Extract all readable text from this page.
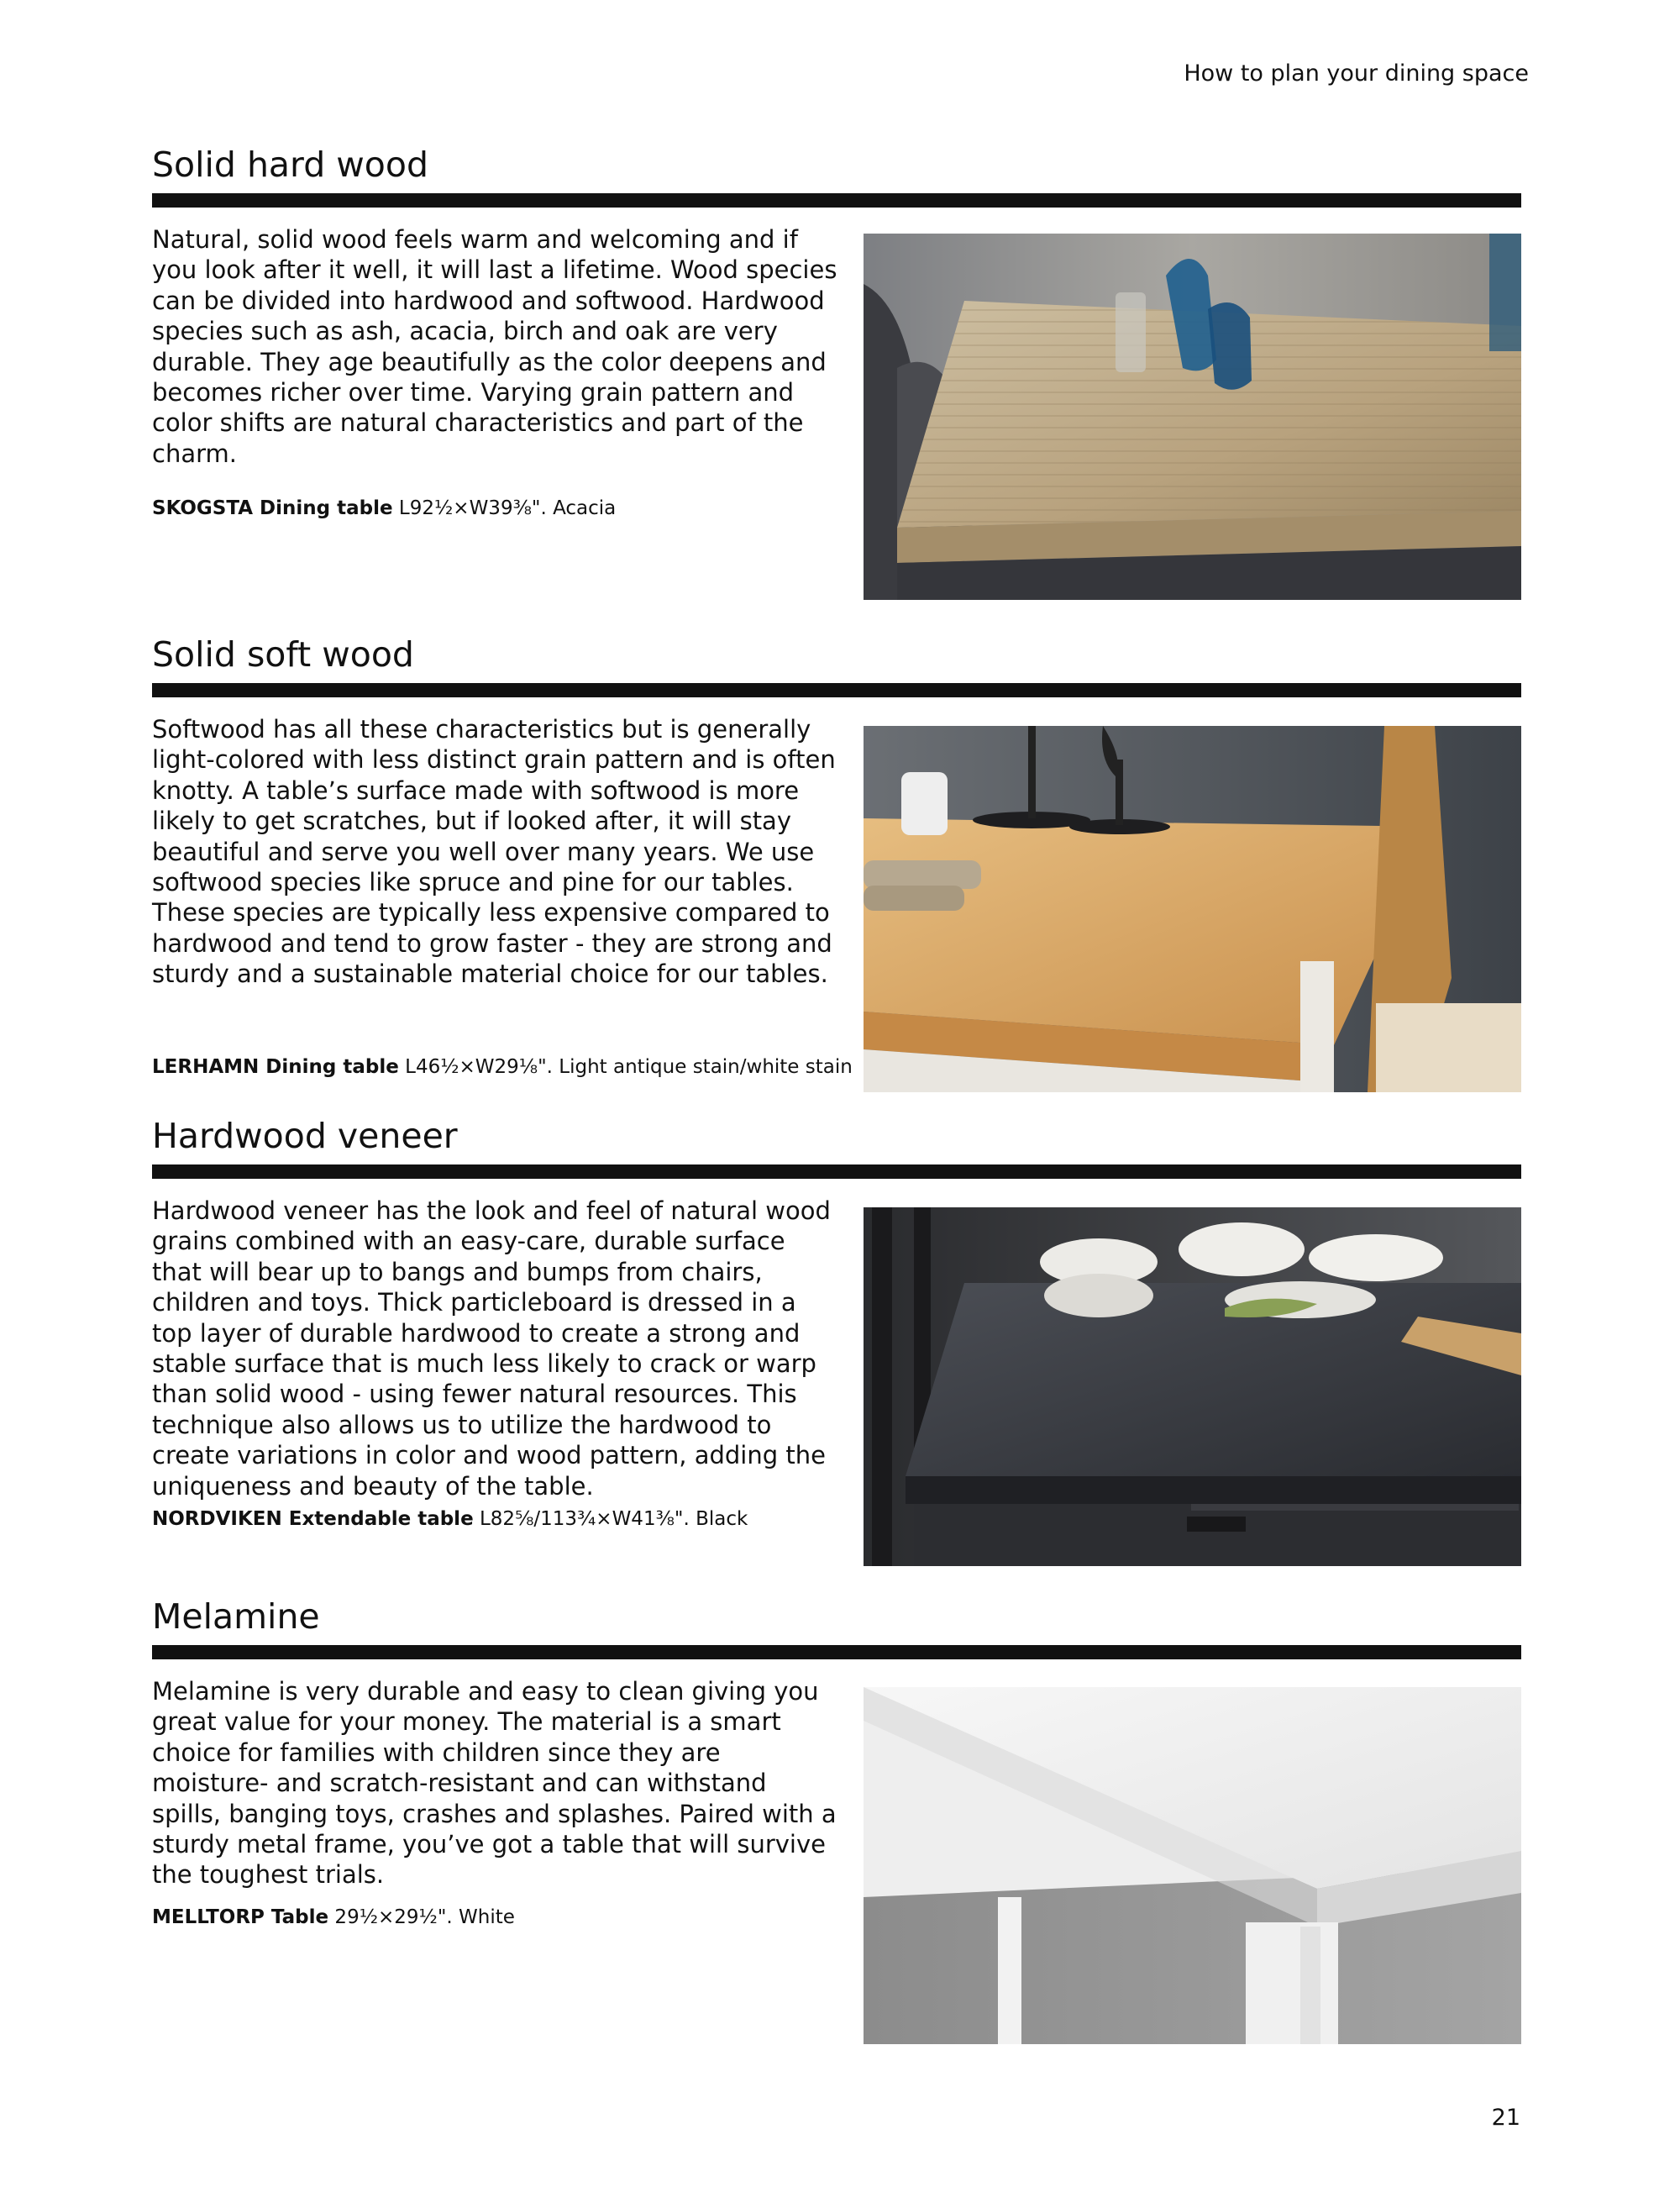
How to plan your dining space
Solid hard wood

Natural, solid wood feels warm and welcoming and if you look after it well, it will last a lifetime. Wood species can be divided into hardwood and softwood. Hardwood species such as ash, acacia, birch and oak are very durable. They age beautifully as the color deepens and becomes richer over time. Varying grain pattern and color shifts are natural characteristics and part of the charm.

SKOGSTA Dining table L92½×W39⅜". Acacia
Solid soft wood

Softwood has all these characteristics but is generally light-colored with less distinct grain pattern and is often knotty. A table’s surface made with softwood is more likely to get scratches, but if looked after, it will stay beautiful and serve you well over many years. We use softwood species like spruce and pine for our tables. These species are typically less expensive compared to hardwood and tend to grow faster - they are strong and sturdy and a sustainable material choice for our tables.

LERHAMN Dining table L46½×W29⅛". Light antique stain/white stain
Hardwood veneer

Hardwood veneer has the look and feel of natural wood grains combined with an easy-care, durable surface that will bear up to bangs and bumps from chairs, children and toys. Thick particleboard is dressed in a top layer of durable hardwood to create a strong and stable surface that is much less likely to crack or warp than solid wood - using fewer natural resources. This technique also allows us to utilize the hardwood to create variations in color and wood pattern, adding the uniqueness and beauty of the table.

NORDVIKEN Extendable table L82⅝/113¾×W41⅜". Black
Melamine

Melamine is very durable and easy to clean giving you great value for your money. The material is a smart choice for families with children since they are moisture- and scratch-resistant and can withstand spills, banging toys, crashes and splashes. Paired with a sturdy metal frame, you’ve got a table that will survive the toughest trials.

MELLTORP Table 29½×29½". White
21
